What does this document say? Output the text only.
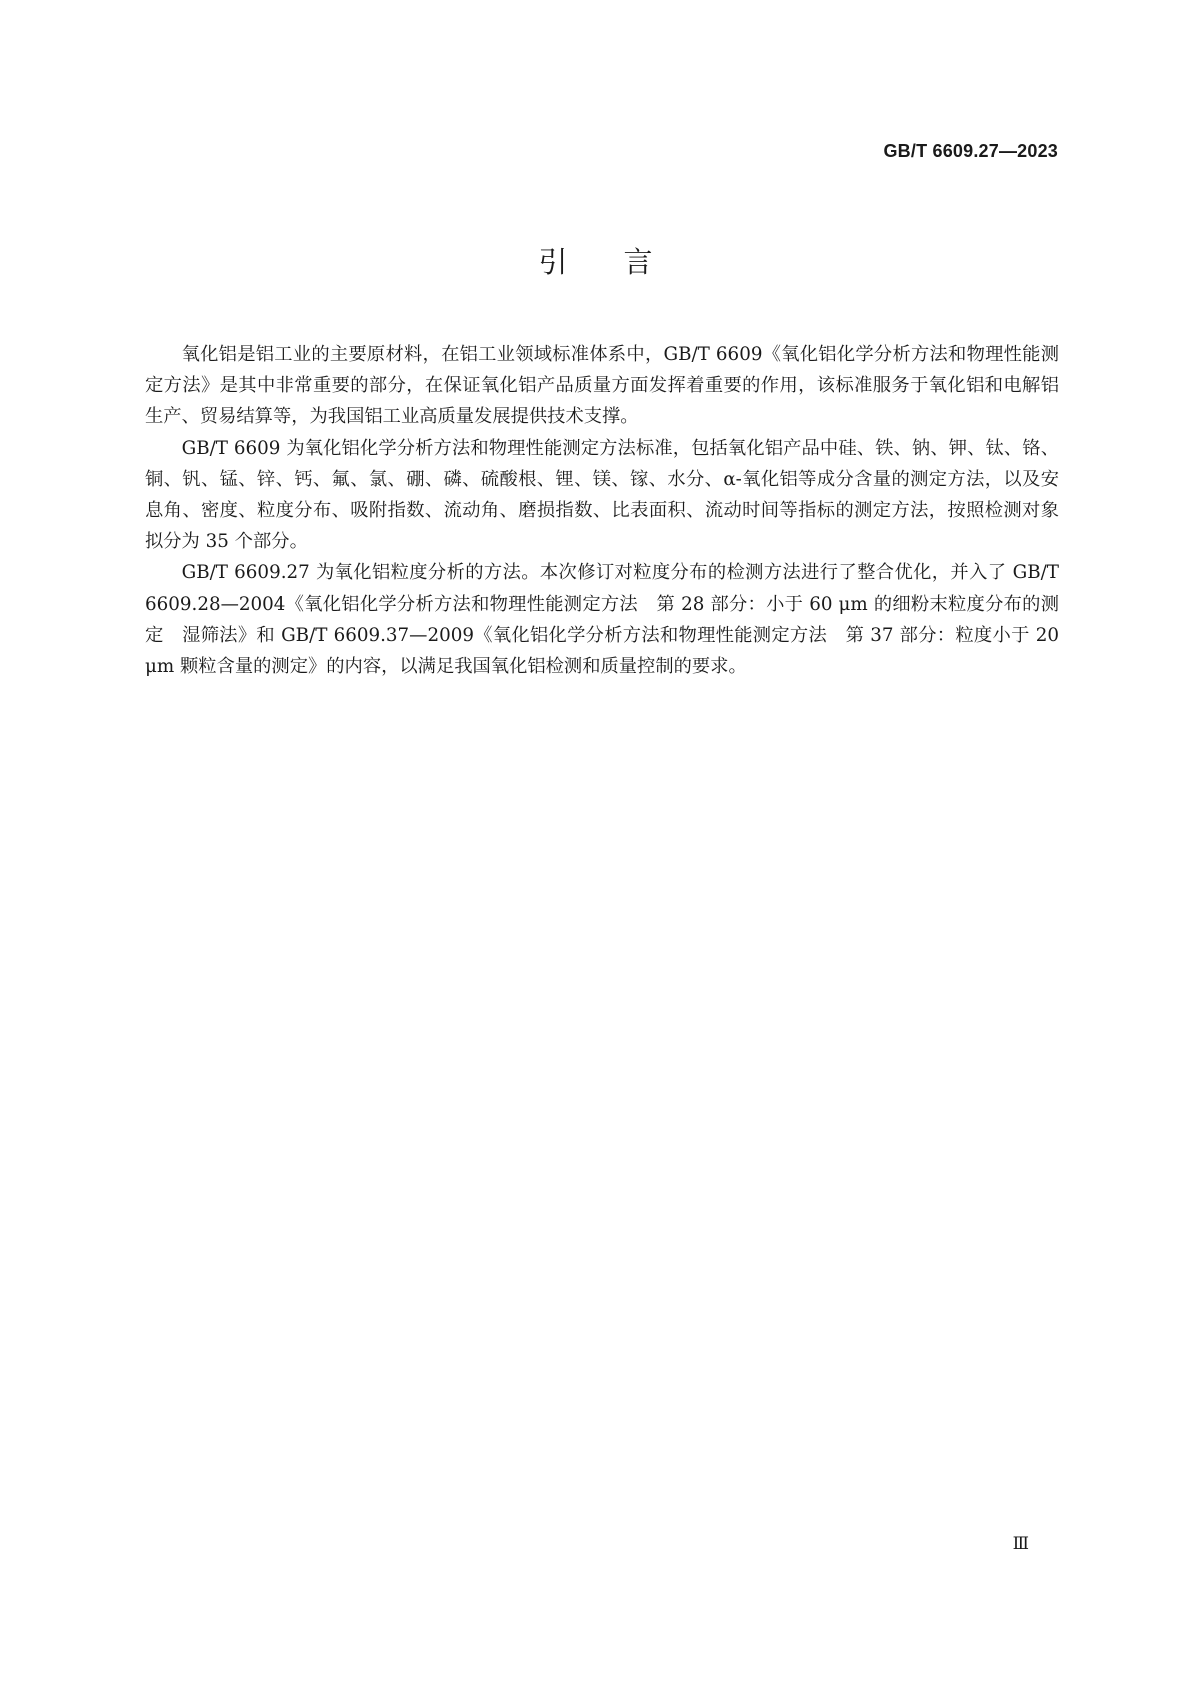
GB/T 6609.27—2023
引言

氧化铝是铝工业的主要原材料，在铝工业领域标准体系中，GB/T 6609《氧化铝化学分析方法和物理性能测定方法》是其中非常重要的部分，在保证氧化铝产品质量方面发挥着重要的作用，该标准服务于氧化铝和电解铝生产、贸易结算等，为我国铝工业高质量发展提供技术支撑。

GB/T 6609 为氧化铝化学分析方法和物理性能测定方法标准，包括氧化铝产品中硅、铁、钠、钾、钛、铬、铜、钒、锰、锌、钙、氟、氯、硼、磷、硫酸根、锂、镁、镓、水分、α-氧化铝等成分含量的测定方法，以及安息角、密度、粒度分布、吸附指数、流动角、磨损指数、比表面积、流动时间等指标的测定方法，按照检测对象拟分为 35 个部分。

GB/T 6609.27 为氧化铝粒度分析的方法。本次修订对粒度分布的检测方法进行了整合优化，并入了 GB/T 6609.28—2004《氧化铝化学分析方法和物理性能测定方法　第 28 部分：小于 60 μm 的细粉末粒度分布的测定　湿筛法》和 GB/T 6609.37—2009《氧化铝化学分析方法和物理性能测定方法　第 37 部分：粒度小于 20 μm 颗粒含量的测定》的内容，以满足我国氧化铝检测和质量控制的要求。

Ⅲ
